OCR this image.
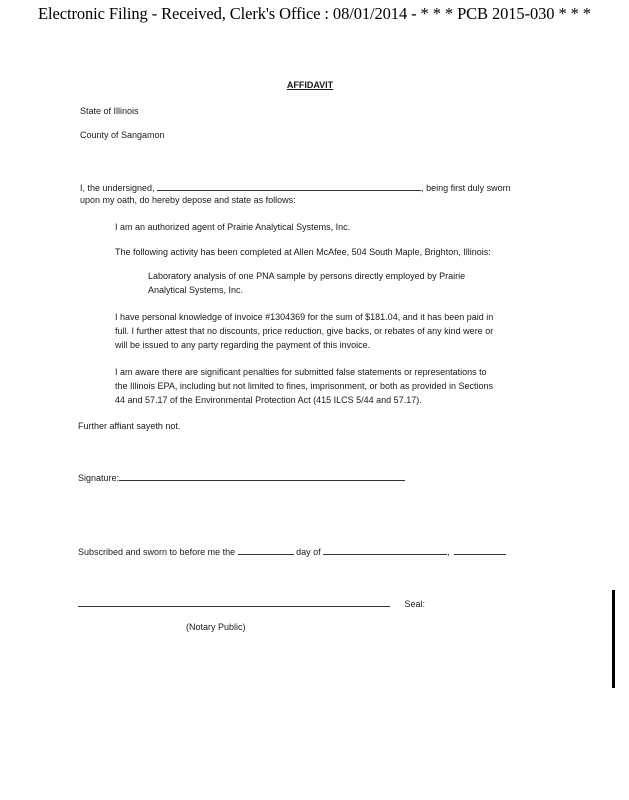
Electronic Filing - Received, Clerk's Office : 08/01/2014 - * * * PCB 2015-030 * * *
AFFIDAVIT
State of Illinois
County of Sangamon
I, the undersigned,	, being first duly sworn
upon my oath, do hereby depose and state as follows:
I am an authorized agent of Prairie Analytical Systems, Inc.
The following activity has been completed at Allen McAfee, 504 South Maple, Brighton, Illinois:
Laboratory analysis of one PNA sample by persons directly employed by Prairie
Analytical Systems, Inc.
I have personal knowledge of invoice #1304369 for the sum of $181.04, and it has been paid in
full. I further attest that no discounts, price reduction, give backs, or rebates of any kind were or
will be issued to any party regarding the payment of this invoice.
I am aware there are significant penalties for submitted false statements or representations to
the Illinois EPA, including but not limited to fines, imprisonment, or both as provided in Sections
44 and 57.17 of the Environmental Protection Act (415 ILCS 5/44 and 57.17).
Further affiant sayeth not.
Signature:
Subscribed and sworn to before me the	day of	,
Seal:
(Notary Public)
